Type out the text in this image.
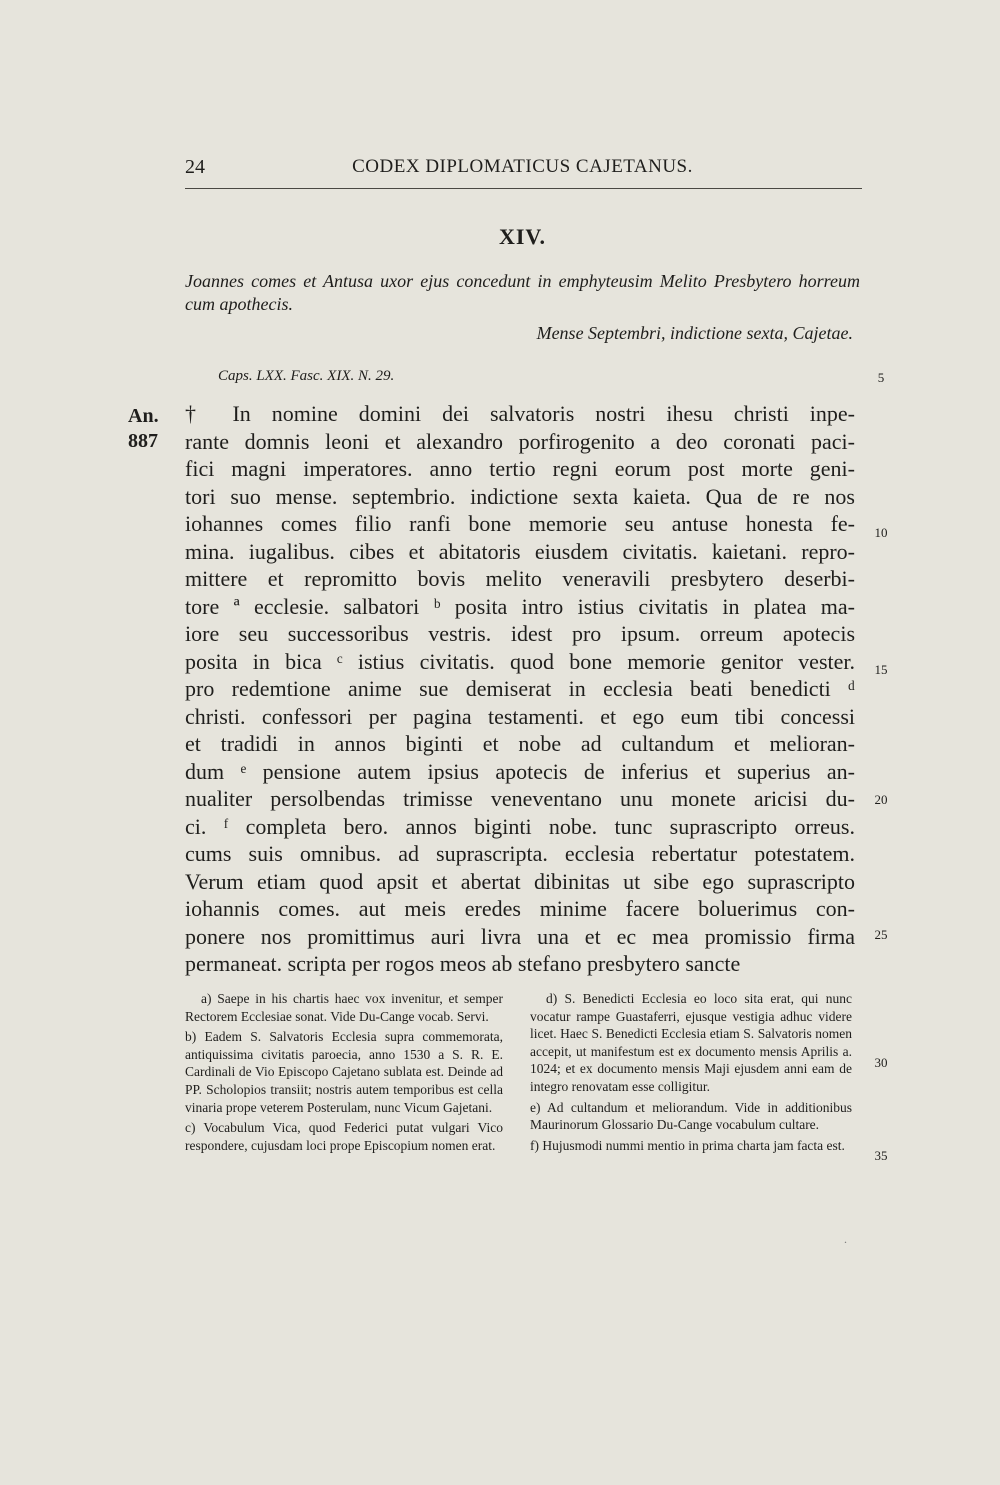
24	CODEX DIPLOMATICUS CAJETANUS.
XIV.
Joannes comes et Antusa uxor ejus concedunt in emphyteusim Melito Presbytero horreum cum apothecis.
Mense Septembri, indictione sexta, Cajetae.
Caps. LXX. Fasc. XIX. N. 29.
An.
887
† In nomine domini dei salvatoris nostri ihesu christi inpe-
rante domnis leoni et alexandro porfirogenito a deo coronati paci-
fici magni imperatores. anno tertio regni eorum post morte geni-
tori suo mense. septembrio. indictione sexta kaieta. Qua de re nos
iohannes comes filio ranfi bone memorie seu antuse honesta fe-
mina. iugalibus. cibes et abitatoris eiusdem civitatis. kaietani. repro-
mittere et repromitto bovis melito veneravili presbytero deserbi-
tore ª ecclesie. salbatori ᵇ posita intro istius civitatis in platea ma-
iore seu successoribus vestris. idest pro ipsum. orreum apotecis
posita in bica ᶜ istius civitatis. quod bone memorie genitor vester.
pro redemtione anime sue demiserat in ecclesia beati benedicti ᵈ
christi. confessori per pagina testamenti. et ego eum tibi concessi
et tradidi in annos biginti et nobe ad cultandum et melioran-
dum ᵉ pensione autem ipsius apotecis de inferius et superius an-
nualiter persolbendas trimisse veneventano unu monete aricisi du-
ci. ᶠ completa bero. annos biginti nobe. tunc suprascripto orreus.
cums suis omnibus. ad suprascripta. ecclesia rebertatur potestatem.
Verum etiam quod apsit et abertat dibinitas ut sibe ego suprascripto
iohannis comes. aut meis eredes minime facere boluerimus con-
ponere nos promittimus auri livra una et ec mea promissio firma
permaneat. scripta per rogos meos ab stefano presbytero sancte
5
10
15
20
25
30
35

a) Saepe in his chartis haec vox invenitur, et semper Rectorem Ecclesiae sonat. Vide Du-Cange vocab. Servi.

b) Eadem S. Salvatoris Ecclesia supra commemorata, antiquissima civitatis paroecia, anno 1530 a S. R. E. Cardinali de Vio Episcopo Cajetano sublata est. Deinde ad PP. Scholopios transiit; nostris autem temporibus est cella vinaria prope veterem Posterulam, nunc Vicum Gajetani.

c) Vocabulum Vica, quod Federici putat vulgari Vico respondere, cujusdam loci prope Episcopium nomen erat.

d) S. Benedicti Ecclesia eo loco sita erat, qui nunc vocatur rampe Guastaferri, ejusque vestigia adhuc videre licet. Haec S. Benedicti Ecclesia etiam S. Salvatoris nomen accepit, ut manifestum est ex documento mensis Aprilis a. 1024; et ex documento mensis Maji ejusdem anni eam de integro renovatam esse colligitur.

e) Ad cultandum et meliorandum. Vide in additionibus Maurinorum Glossario Du-Cange vocabulum cultare.

f) Hujusmodi nummi mentio in prima charta jam facta est.

.
